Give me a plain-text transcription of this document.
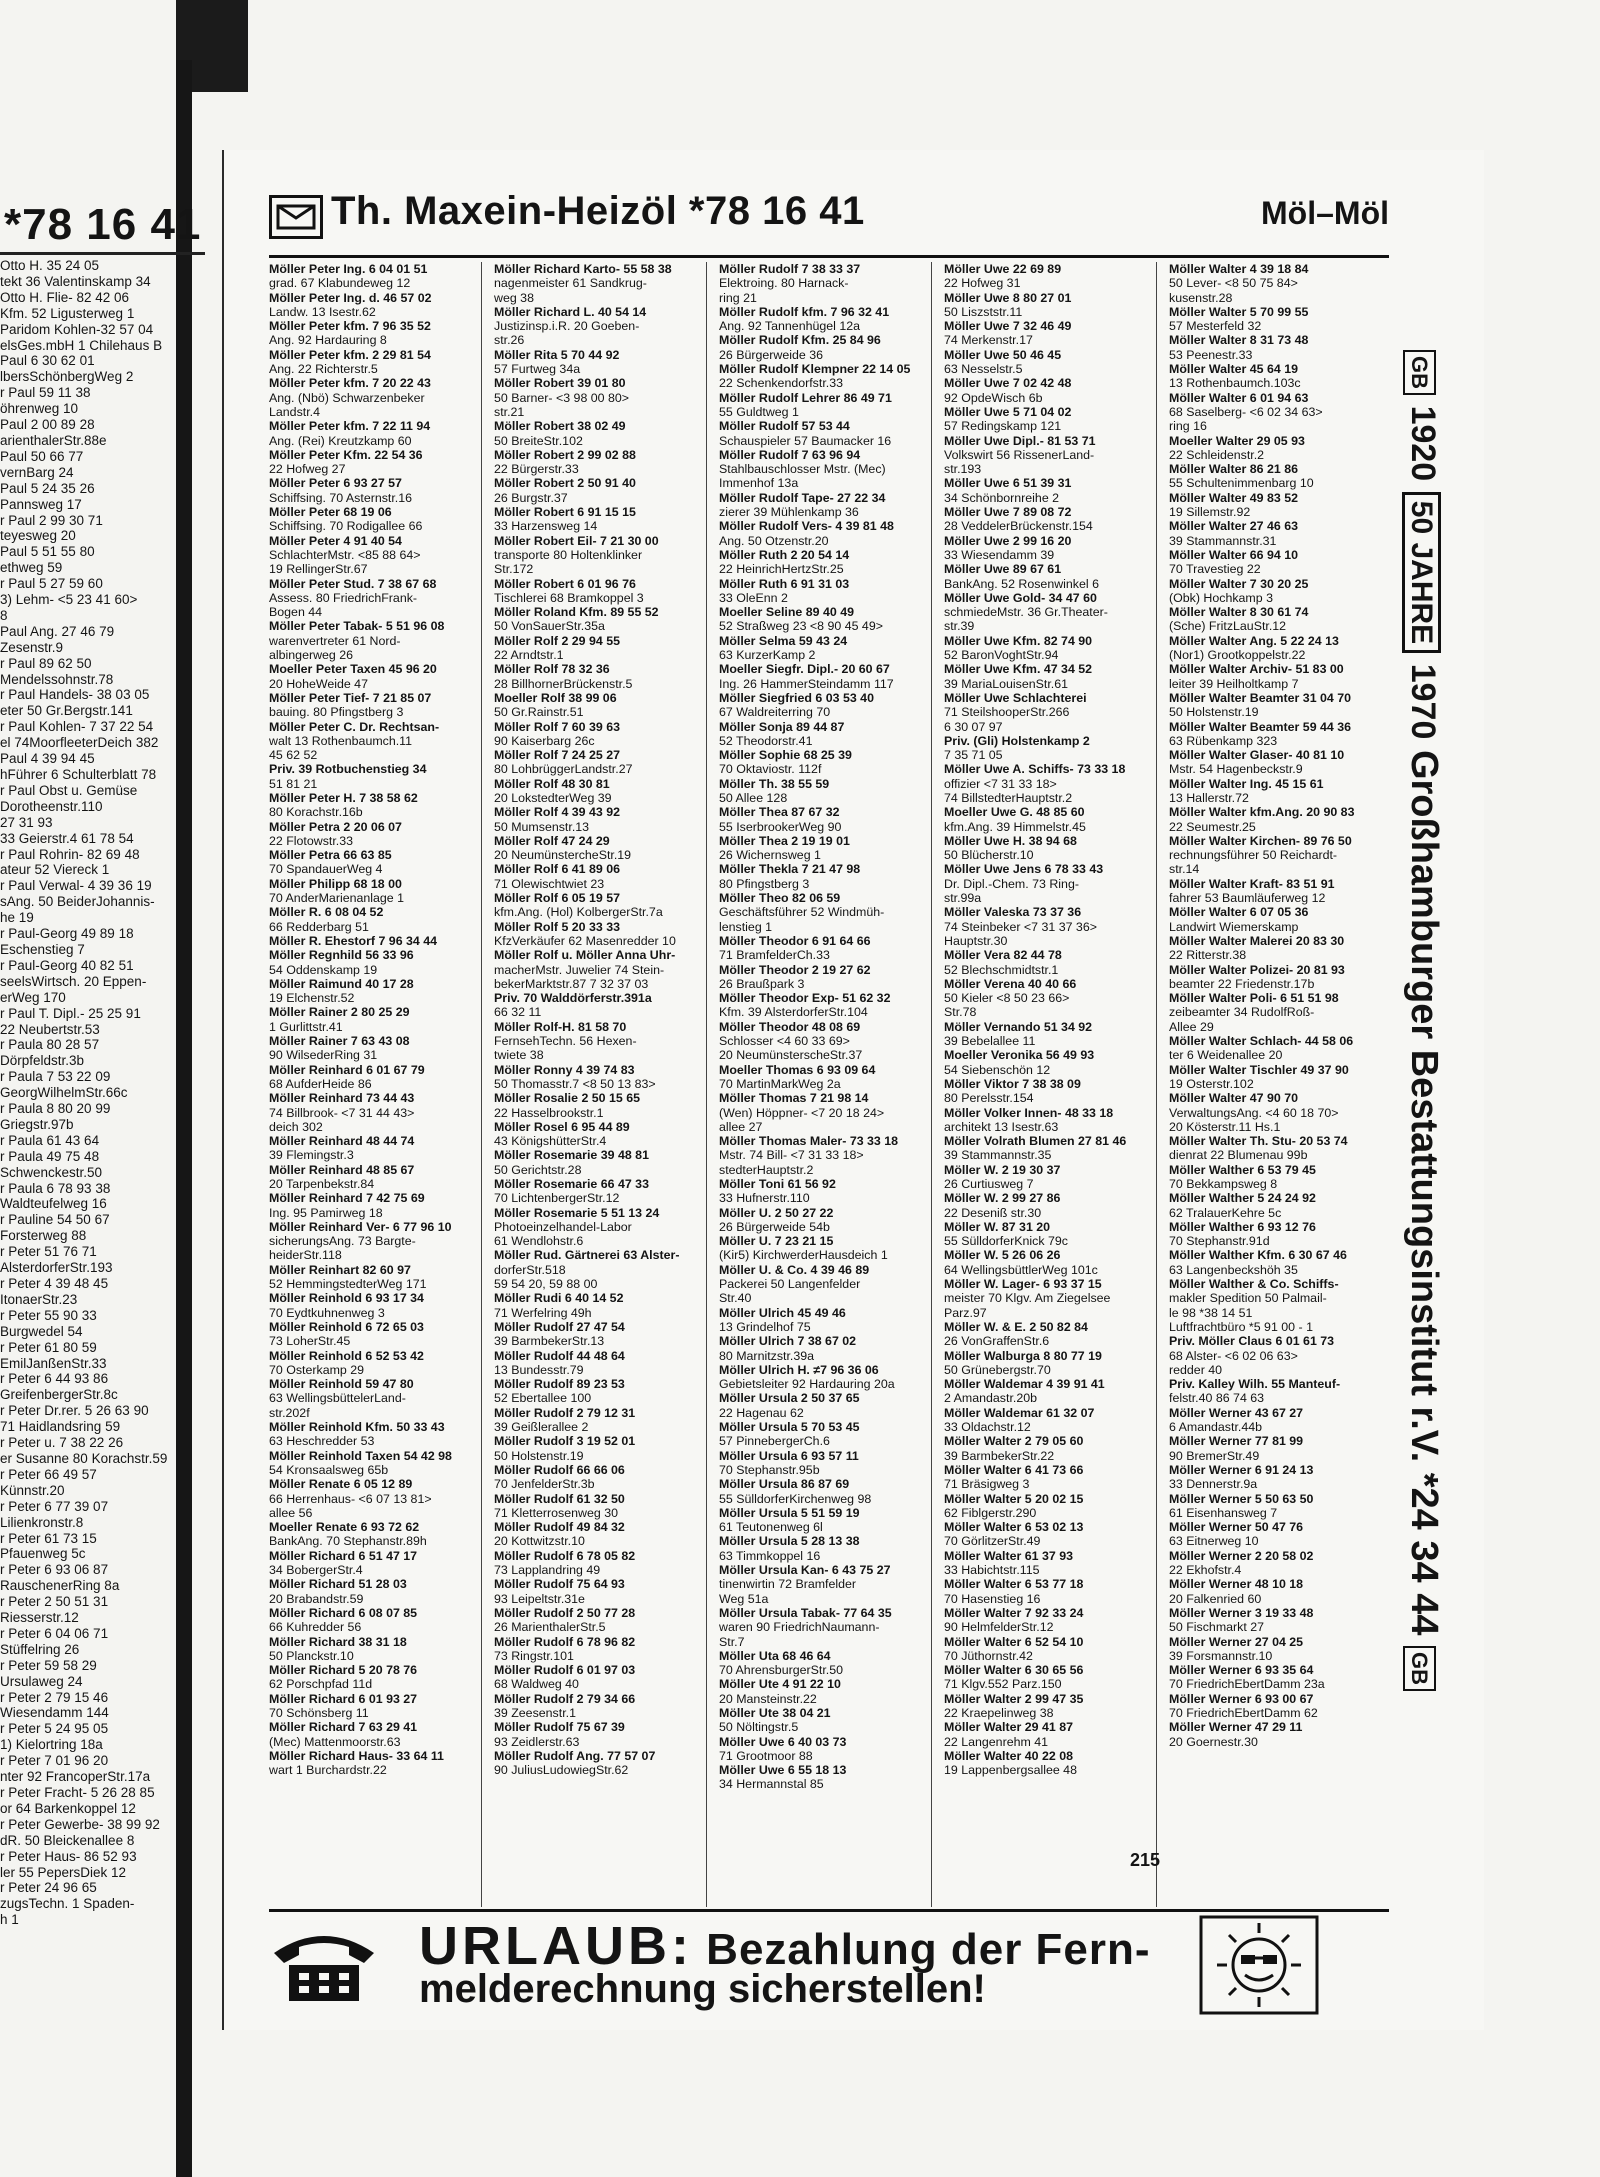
*78 16 41
Otto H. 35 24 05
tekt 36 Valentinskamp 34
Otto H. Flie- 82 42 06
Kfm. 52 Ligusterweg 1
Paridom Kohlen-32 57 04
elsGes.mbH 1 Chilehaus B
Paul 6 30 62 01
lbersSchönbergWeg 2
r Paul 59 11 38
öhrenweg 10
Paul 2 00 89 28
arienthalerStr.88e
Paul 50 66 77
vernBarg 24
Paul 5 24 35 26
Pannsweg 17
r Paul 2 99 30 71
teyesweg 20
Paul 5 51 55 80
ethweg 59
r Paul 5 27 59 60
3) Lehm- <5 23 41 60>
8
Paul Ang. 27 46 79
Zesenstr.9
r Paul 89 62 50
Mendelssohnstr.78
r Paul Handels- 38 03 05
eter 50 Gr.Bergstr.141
r Paul Kohlen- 7 37 22 54
el 74MoorfleeterDeich 382
Paul 4 39 94 45
hFührer 6 Schulterblatt 78
r Paul Obst u. Gemüse
Dorotheenstr.110
27 31 93
33 Geierstr.4 61 78 54
r Paul Rohrin- 82 69 48
ateur 52 Viereck 1
r Paul Verwal- 4 39 36 19
sAng. 50 BeiderJohannis-
he 19
r Paul-Georg 49 89 18
Eschenstieg 7
r Paul-Georg 40 82 51
seelsWirtsch. 20 Eppen-
erWeg 170
r Paul T. Dipl.- 25 25 91
22 Neubertstr.53
r Paula 80 28 57
Dörpfeldstr.3b
r Paula 7 53 22 09
GeorgWilhelmStr.66c
r Paula 8 80 20 99
Griegstr.97b
r Paula 61 43 64
r Paula 49 75 48
Schwenckestr.50
r Paula 6 78 93 38
Waldteufelweg 16
r Pauline 54 50 67
Forsterweg 88
r Peter 51 76 71
AlsterdorferStr.193
r Peter 4 39 48 45
ItonaerStr.23
r Peter 55 90 33
Burgwedel 54
r Peter 61 80 59
EmilJanßenStr.33
r Peter 6 44 93 86
GreifenbergerStr.8c
r Peter Dr.rer. 5 26 63 90
71 Haidlandsring 59
r Peter u. 7 38 22 26
er Susanne 80 Korachstr.59
r Peter 66 49 57
Künnstr.20
r Peter 6 77 39 07
Lilienkronstr.8
r Peter 61 73 15
Pfauenweg 5c
r Peter 6 93 06 87
RauschenerRing 8a
r Peter 2 50 51 31
Riesserstr.12
r Peter 6 04 06 71
Stüffelring 26
r Peter 59 58 29
Ursulaweg 24
r Peter 2 79 15 46
Wiesendamm 144
r Peter 5 24 95 05
1) Kielortring 18a
r Peter 7 01 96 20
nter 92 FrancoperStr.17a
r Peter Fracht- 5 26 28 85
or 64 Barkenkoppel 12
r Peter Gewerbe- 38 99 92
dR. 50 Bleickenallee 8
r Peter Haus- 86 52 93
ler 55 PepersDiek 12
r Peter 24 96 65
zugsTechn. 1 Spaden-
h 1
Th. Maxein-Heizöl *78 16 41	Möl–Möl
Möller Peter Ing. 6 04 01 51
grad. 67 Klabundeweg 12
Möller Peter Ing. d. 46 57 02
Landw. 13 Isestr.62
Möller Peter kfm. 7 96 35 52
Ang. 92 Hardauring 8
Möller Peter kfm. 2 29 81 54
Ang. 22 Richterstr.5
Möller Peter kfm. 7 20 22 43
Ang. (Nbö) Schwarzenbeker
Landstr.4
Möller Peter kfm. 7 22 11 94
Ang. (Rei) Kreutzkamp 60
Möller Peter Kfm. 22 54 36
22 Hofweg 27
Möller Peter 6 93 27 57
Schiffsing. 70 Asternstr.16
Möller Peter 68 19 06
Schiffsing. 70 Rodigallee 66
Möller Peter 4 91 40 54
SchlachterMstr. <85 88 64>
19 RellingerStr.67
Möller Peter Stud. 7 38 67 68
Assess. 80 FriedrichFrank-
Bogen 44
Möller Peter Tabak- 5 51 96 08
warenvertreter 61 Nord-
albingerweg 26
Moeller Peter Taxen 45 96 20
20 HoheWeide 47
Möller Peter Tief- 7 21 85 07
bauing. 80 Pfingstberg 3
Möller Peter C. Dr. Rechtsan-
walt 13 Rothenbaumch.11
45 62 52
Priv. 39 Rotbuchenstieg 34
51 81 21
Möller Peter H. 7 38 58 62
80 Korachstr.16b
Möller Petra 2 20 06 07
22 Flotowstr.33
Möller Petra 66 63 85
70 SpandauerWeg 4
Möller Philipp 68 18 00
70 AnderMarienanlage 1
Möller R. 6 08 04 52
66 Redderbarg 51
Möller R. Ehestorf 7 96 34 44
Möller Regnhild 56 33 96
54 Oddenskamp 19
Möller Raimund 40 17 28
19 Elchenstr.52
Möller Rainer 2 80 25 29
1 Gurlittstr.41
Möller Rainer 7 63 43 08
90 WilsederRing 31
Möller Reinhard 6 01 67 79
68 AufderHeide 86
Möller Reinhard 73 44 43
74 Billbrook- <7 31 44 43>
deich 302
Möller Reinhard 48 44 74
39 Flemingstr.3
Möller Reinhard 48 85 67
20 Tarpenbekstr.84
Möller Reinhard 7 42 75 69
Ing. 95 Pamirweg 18
Möller Reinhard Ver- 6 77 96 10
sicherungsAng. 73 Bargte-
heiderStr.118
Möller Reinhart 82 60 97
52 HemmingstedterWeg 171
Möller Reinhold 6 93 17 34
70 Eydtkuhnenweg 3
Möller Reinhold 6 72 65 03
73 LoherStr.45
Möller Reinhold 6 52 53 42
70 Osterkamp 29
Möller Reinhold 59 47 80
63 WellingsbüttelerLand-
str.202f
Möller Reinhold Kfm. 50 33 43
63 Heschredder 53
Möller Reinhold Taxen 54 42 98
54 Kronsaalsweg 65b
Möller Renate 6 05 12 89
66 Herrenhaus- <6 07 13 81>
allee 56
Moeller Renate 6 93 72 62
BankAng. 70 Stephanstr.89h
Möller Richard 6 51 47 17
34 BobergerStr.4
Möller Richard 51 28 03
20 Brabandstr.59
Möller Richard 6 08 07 85
66 Kuhredder 56
Möller Richard 38 31 18
50 Planckstr.10
Möller Richard 5 20 78 76
62 Porschpfad 11d
Möller Richard 6 01 93 27
70 Schönsberg 11
Möller Richard 7 63 29 41
(Mec) Mattenmoorstr.63
Möller Richard Haus- 33 64 11
wart 1 Burchardstr.22
Möller Richard Karto- 55 58 38
nagenmeister 61 Sandkrug-
weg 38
Möller Richard L. 40 54 14
Justizinsp.i.R. 20 Goeben-
str.26
Möller Rita 5 70 44 92
57 Furtweg 34a
Möller Robert 39 01 80
50 Barner- <3 98 00 80>
str.21
Möller Robert 38 02 49
50 BreiteStr.102
Möller Robert 2 99 02 88
22 Bürgerstr.33
Möller Robert 2 50 91 40
26 Burgstr.37
Möller Robert 6 91 15 15
33 Harzensweg 14
Möller Robert Eil- 7 21 30 00
transporte 80 Holtenklinker
Str.172
Möller Robert 6 01 96 76
Tischlerei 68 Bramkoppel 3
Möller Roland Kfm. 89 55 52
50 VonSauerStr.35a
Möller Rolf 2 29 94 55
22 Arndtstr.1
Möller Rolf 78 32 36
28 BillhornerBrückenstr.5
Moeller Rolf 38 99 06
50 Gr.Rainstr.51
Möller Rolf 7 60 39 63
90 Kaiserbarg 26c
Möller Rolf 7 24 25 27
80 LohbrüggerLandstr.27
Möller Rolf 48 30 81
20 LokstedterWeg 39
Möller Rolf 4 39 43 92
50 Mumsenstr.13
Möller Rolf 47 24 29
20 NeumünstercheStr.19
Möller Rolf 6 41 89 06
71 Olewischtwiet 23
Möller Rolf 6 05 19 57
kfm.Ang. (Hol) KolbergerStr.7a
Möller Rolf 5 20 33 33
KfzVerkäufer 62 Masenredder 10
Möller Rolf u. Möller Anna Uhr-
macherMstr. Juwelier 74 Stein-
bekerMarktstr.87 7 32 37 03
Priv. 70 Walddörferstr.391a
66 32 11
Möller Rolf-H. 81 58 70
FernsehTechn. 56 Hexen-
twiete 38
Möller Ronny 4 39 74 83
50 Thomasstr.7 <8 50 13 83>
Möller Rosalie 2 50 15 65
22 Hasselbrookstr.1
Möller Rosel 6 95 44 89
43 KönigshütterStr.4
Möller Rosemarie 39 48 81
50 Gerichtstr.28
Möller Rosemarie 66 47 33
70 LichtenbergerStr.12
Möller Rosemarie 5 51 13 24
Photoeinzelhandel-Labor
61 Wendlohstr.6
Möller Rud. Gärtnerei 63 Alster-
dorferStr.518
59 54 20, 59 88 00
Möller Rudi 6 40 14 52
71 Werfelring 49h
Möller Rudolf 27 47 54
39 BarmbekerStr.13
Möller Rudolf 44 48 64
13 Bundesstr.79
Möller Rudolf 89 23 53
52 Ebertallee 100
Möller Rudolf 2 79 12 31
39 Geißlerallee 2
Möller Rudolf 3 19 52 01
50 Holstenstr.19
Möller Rudolf 66 66 06
70 JenfelderStr.3b
Möller Rudolf 61 32 50
71 Kletterrosenweg 30
Möller Rudolf 49 84 32
20 Kottwitzstr.10
Möller Rudolf 6 78 05 82
73 Lapplandring 49
Möller Rudolf 75 64 93
93 Leipeltstr.31e
Möller Rudolf 2 50 77 28
26 MarienthalerStr.5
Möller Rudolf 6 78 96 82
73 Ringstr.101
Möller Rudolf 6 01 97 03
68 Waldweg 40
Möller Rudolf 2 79 34 66
39 Zeesenstr.1
Möller Rudolf 75 67 39
93 Zeidlerstr.63
Möller Rudolf Ang. 77 57 07
90 JuliusLudowiegStr.62
Möller Rudolf 7 38 33 37
Elektroing. 80 Harnack-
ring 21
Möller Rudolf kfm. 7 96 32 41
Ang. 92 Tannenhügel 12a
Möller Rudolf Kfm. 25 84 96
26 Bürgerweide 36
Möller Rudolf Klempner 22 14 05
22 Schenkendorfstr.33
Möller Rudolf Lehrer 86 49 71
55 Guldtweg 1
Möller Rudolf 57 53 44
Schauspieler 57 Baumacker 16
Möller Rudolf 7 63 96 94
Stahlbauschlosser Mstr. (Mec)
Immenhof 13a
Möller Rudolf Tape- 27 22 34
zierer 39 Mühlenkamp 36
Möller Rudolf Vers- 4 39 81 48
Ang. 50 Otzenstr.20
Möller Ruth 2 20 54 14
22 HeinrichHertzStr.25
Möller Ruth 6 91 31 03
33 OleEnn 2
Moeller Seline 89 40 49
52 Straßweg 23 <8 90 45 49>
Möller Selma 59 43 24
63 KurzerKamp 2
Moeller Siegfr. Dipl.- 20 60 67
Ing. 26 HammerSteindamm 117
Möller Siegfried 6 03 53 40
67 Waldreiterring 70
Möller Sonja 89 44 87
52 Theodorstr.41
Möller Sophie 68 25 39
70 Oktaviostr. 112f
Möller Th. 38 55 59
50 Allee 128
Möller Thea 87 67 32
55 IserbrookerWeg 90
Möller Thea 2 19 19 01
26 Wichernsweg 1
Möller Thekla 7 21 47 98
80 Pfingstberg 3
Möller Theo 82 06 59
Geschäftsführer 52 Windmüh-
lenstieg 1
Möller Theodor 6 91 64 66
71 BramfelderCh.33
Möller Theodor 2 19 27 62
26 Braußpark 3
Möller Theodor Exp- 51 62 32
Kfm. 39 AlsterdorferStr.104
Möller Theodor 48 08 69
Schlosser <4 60 33 69>
20 NeumünsterscheStr.37
Moeller Thomas 6 93 09 64
70 MartinMarkWeg 2a
Möller Thomas 7 21 98 14
(Wen) Höppner- <7 20 18 24>
allee 27
Möller Thomas Maler- 73 33 18
Mstr. 74 Bill- <7 31 33 18>
stedterHauptstr.2
Möller Toni 61 56 92
33 Hufnerstr.110
Möller U. 2 50 27 22
26 Bürgerweide 54b
Möller U. 7 23 21 15
(Kir5) KirchwerderHausdeich 1
Möller U. & Co. 4 39 46 89
Packerei 50 Langenfelder
Str.40
Möller Ulrich 45 49 46
13 Grindelhof 75
Möller Ulrich 7 38 67 02
80 Marnitzstr.39a
Möller Ulrich H. ≠7 96 36 06
Gebietsleiter 92 Hardauring 20a
Möller Ursula 2 50 37 65
22 Hagenau 62
Möller Ursula 5 70 53 45
57 PinnebergerCh.6
Möller Ursula 6 93 57 11
70 Stephanstr.95b
Möller Ursula 86 87 69
55 SülldorferKirchenweg 98
Möller Ursula 5 51 59 19
61 Teutonenweg 6l
Möller Ursula 5 28 13 38
63 Timmkoppel 16
Möller Ursula Kan- 6 43 75 27
tinenwirtin 72 Bramfelder
Weg 51a
Möller Ursula Tabak- 77 64 35
waren 90 FriedrichNaumann-
Str.7
Möller Uta 68 46 64
70 AhrensburgerStr.50
Möller Ute 4 91 22 10
20 Mansteinstr.22
Möller Ute 38 04 21
50 Nöltingstr.5
Möller Uwe 6 40 03 73
71 Grootmoor 88
Möller Uwe 6 55 18 13
34 Hermannstal 85
Möller Uwe 22 69 89
22 Hofweg 31
Möller Uwe 8 80 27 01
50 Liszststr.11
Möller Uwe 7 32 46 49
74 Merkenstr.17
Möller Uwe 50 46 45
63 Nesselstr.5
Möller Uwe 7 02 42 48
92 OpdeWisch 6b
Möller Uwe 5 71 04 02
57 Redingskamp 121
Möller Uwe Dipl.- 81 53 71
Volkswirt 56 RissenerLand-
str.193
Möller Uwe 6 51 39 31
34 Schönbornreihe 2
Möller Uwe 7 89 08 72
28 VeddelerBrückenstr.154
Möller Uwe 2 99 16 20
33 Wiesendamm 39
Möller Uwe 89 67 61
BankAng. 52 Rosenwinkel 6
Möller Uwe Gold- 34 47 60
schmiedeMstr. 36 Gr.Theater-
str.39
Möller Uwe Kfm. 82 74 90
52 BaronVoghtStr.94
Möller Uwe Kfm. 47 34 52
39 MariaLouisenStr.61
Möller Uwe Schlachterei
71 SteilshooperStr.266
6 30 07 97
Priv. (Gli) Holstenkamp 2
7 35 71 05
Möller Uwe A. Schiffs- 73 33 18
offizier <7 31 33 18>
74 BillstedterHauptstr.2
Moeller Uwe G. 48 85 60
kfm.Ang. 39 Himmelstr.45
Möller Uwe H. 38 94 68
50 Blücherstr.10
Möller Uwe Jens 6 78 33 43
Dr. Dipl.-Chem. 73 Ring-
str.99a
Möller Valeska 73 37 36
74 Steinbeker <7 31 37 36>
Hauptstr.30
Möller Vera 82 44 78
52 Blechschmidtstr.1
Möller Verena 40 40 66
50 Kieler <8 50 23 66>
Str.78
Möller Vernando 51 34 92
39 Bebelallee 11
Moeller Veronika 56 49 93
54 Siebenschön 12
Möller Viktor 7 38 38 09
80 Perelsstr.154
Möller Volker Innen- 48 33 18
architekt 13 Isestr.63
Möller Volrath Blumen 27 81 46
39 Stammannstr.35
Möller W. 2 19 30 37
26 Curtiusweg 7
Möller W. 2 99 27 86
22 Deseniß str.30
Möller W. 87 31 20
55 SülldorferKnick 79c
Möller W. 5 26 06 26
64 WellingsbüttlerWeg 101c
Möller W. Lager- 6 93 37 15
meister 70 Klgv. Am Ziegelsee
Parz.97
Möller W. & E. 2 50 82 84
26 VonGraffenStr.6
Möller Walburga 8 80 77 19
50 Grünebergstr.70
Möller Waldemar 4 39 91 41
2 Amandastr.20b
Möller Waldemar 61 32 07
33 Oldachstr.12
Möller Walter 2 79 05 60
39 BarmbekerStr.22
Möller Walter 6 41 73 66
71 Bräsigweg 3
Möller Walter 5 20 02 15
62 Fiblgerstr.290
Möller Walter 6 53 02 13
70 GörlitzerStr.49
Möller Walter 61 37 93
33 Habichtstr.115
Möller Walter 6 53 77 18
70 Hasenstieg 16
Möller Walter 7 92 33 24
90 HelmfelderStr.12
Möller Walter 6 52 54 10
70 Jüthornstr.42
Möller Walter 6 30 65 56
71 Klgv.552 Parz.150
Möller Walter 2 99 47 35
22 Kraepelinweg 38
Möller Walter 29 41 87
22 Langenrehm 41
Möller Walter 40 22 08
19 Lappenbergsallee 48
Möller Walter 4 39 18 84
50 Lever- <8 50 75 84>
kusenstr.28
Möller Walter 5 70 99 55
57 Mesterfeld 32
Möller Walter 8 31 73 48
53 Peenestr.33
Möller Walter 45 64 19
13 Rothenbaumch.103c
Möller Walter 6 01 94 63
68 Saselberg- <6 02 34 63>
ring 16
Moeller Walter 29 05 93
22 Schleidenstr.2
Möller Walter 86 21 86
55 Schultenimmenbarg 10
Möller Walter 49 83 52
19 Sillemstr.92
Möller Walter 27 46 63
39 Stammannstr.31
Möller Walter 66 94 10
70 Travestieg 22
Möller Walter 7 30 20 25
(Obk) Hochkamp 3
Möller Walter 8 30 61 74
(Sche) FritzLauStr.12
Möller Walter Ang. 5 22 24 13
(Nor1) Grootkoppelstr.22
Möller Walter Archiv- 51 83 00
leiter 39 Heilholtkamp 7
Möller Walter Beamter 31 04 70
50 Holstenstr.19
Möller Walter Beamter 59 44 36
63 Rübenkamp 323
Möller Walter Glaser- 40 81 10
Mstr. 54 Hagenbeckstr.9
Möller Walter Ing. 45 15 61
13 Hallerstr.72
Möller Walter kfm.Ang. 20 90 83
22 Seumestr.25
Möller Walter Kirchen- 89 76 50
rechnungsführer 50 Reichardt-
str.14
Möller Walter Kraft- 83 51 91
fahrer 53 Baumläuferweg 12
Möller Walter 6 07 05 36
Landwirt Wiemerskamp
Möller Walter Malerei 20 83 30
22 Ritterstr.38
Möller Walter Polizei- 20 81 93
beamter 22 Friedenstr.17b
Möller Walter Poli- 6 51 51 98
zeibeamter 34 RudolfRoß-
Allee 29
Möller Walter Schlach- 44 58 06
ter 6 Weidenallee 20
Möller Walter Tischler 49 37 90
19 Osterstr.102
Möller Walter 47 90 70
VerwaltungsAng. <4 60 18 70>
20 Kösterstr.11 Hs.1
Möller Walter Th. Stu- 20 53 74
dienrat 22 Blumenau 99b
Möller Walther 6 53 79 45
70 Bekkampsweg 8
Möller Walther 5 24 24 92
62 TralauerKehre 5c
Möller Walther 6 93 12 76
70 Stephanstr.91d
Möller Walther Kfm. 6 30 67 46
63 Langenbeckshöh 35
Möller Walther & Co. Schiffs-
makler Spedition 50 Palmail-
le 98 *38 14 51
Luftfrachtbüro *5 91 00 - 1
Priv. Möller Claus 6 01 61 73
68 Alster- <6 02 06 63>
redder 40
Priv. Kalley Wilh. 55 Manteuf-
felstr.40 86 74 63
Möller Werner 43 67 27
6 Amandastr.44b
Möller Werner 77 81 99
90 BremerStr.49
Möller Werner 6 91 24 13
33 Dennerstr.9a
Möller Werner 5 50 63 50
61 Eisenhansweg 7
Möller Werner 50 47 76
63 Eitnerweg 10
Möller Werner 2 20 58 02
22 Ekhofstr.4
Möller Werner 48 10 18
20 Falkenried 60
Möller Werner 3 19 33 48
50 Fischmarkt 27
Möller Werner 27 04 25
39 Forsmannstr.10
Möller Werner 6 93 35 64
70 FriedrichEbertDamm 23a
Möller Werner 6 93 00 67
70 FriedrichEbertDamm 62
Möller Werner 47 29 11
20 Goernestr.30
GB 1920 50 JAHRE 1970 Großhamburger Bestattungsinstitut r.V. *24 34 44 GB
URLAUB: Bezahlung der Fern-
melderechnung sicherstellen!
215
